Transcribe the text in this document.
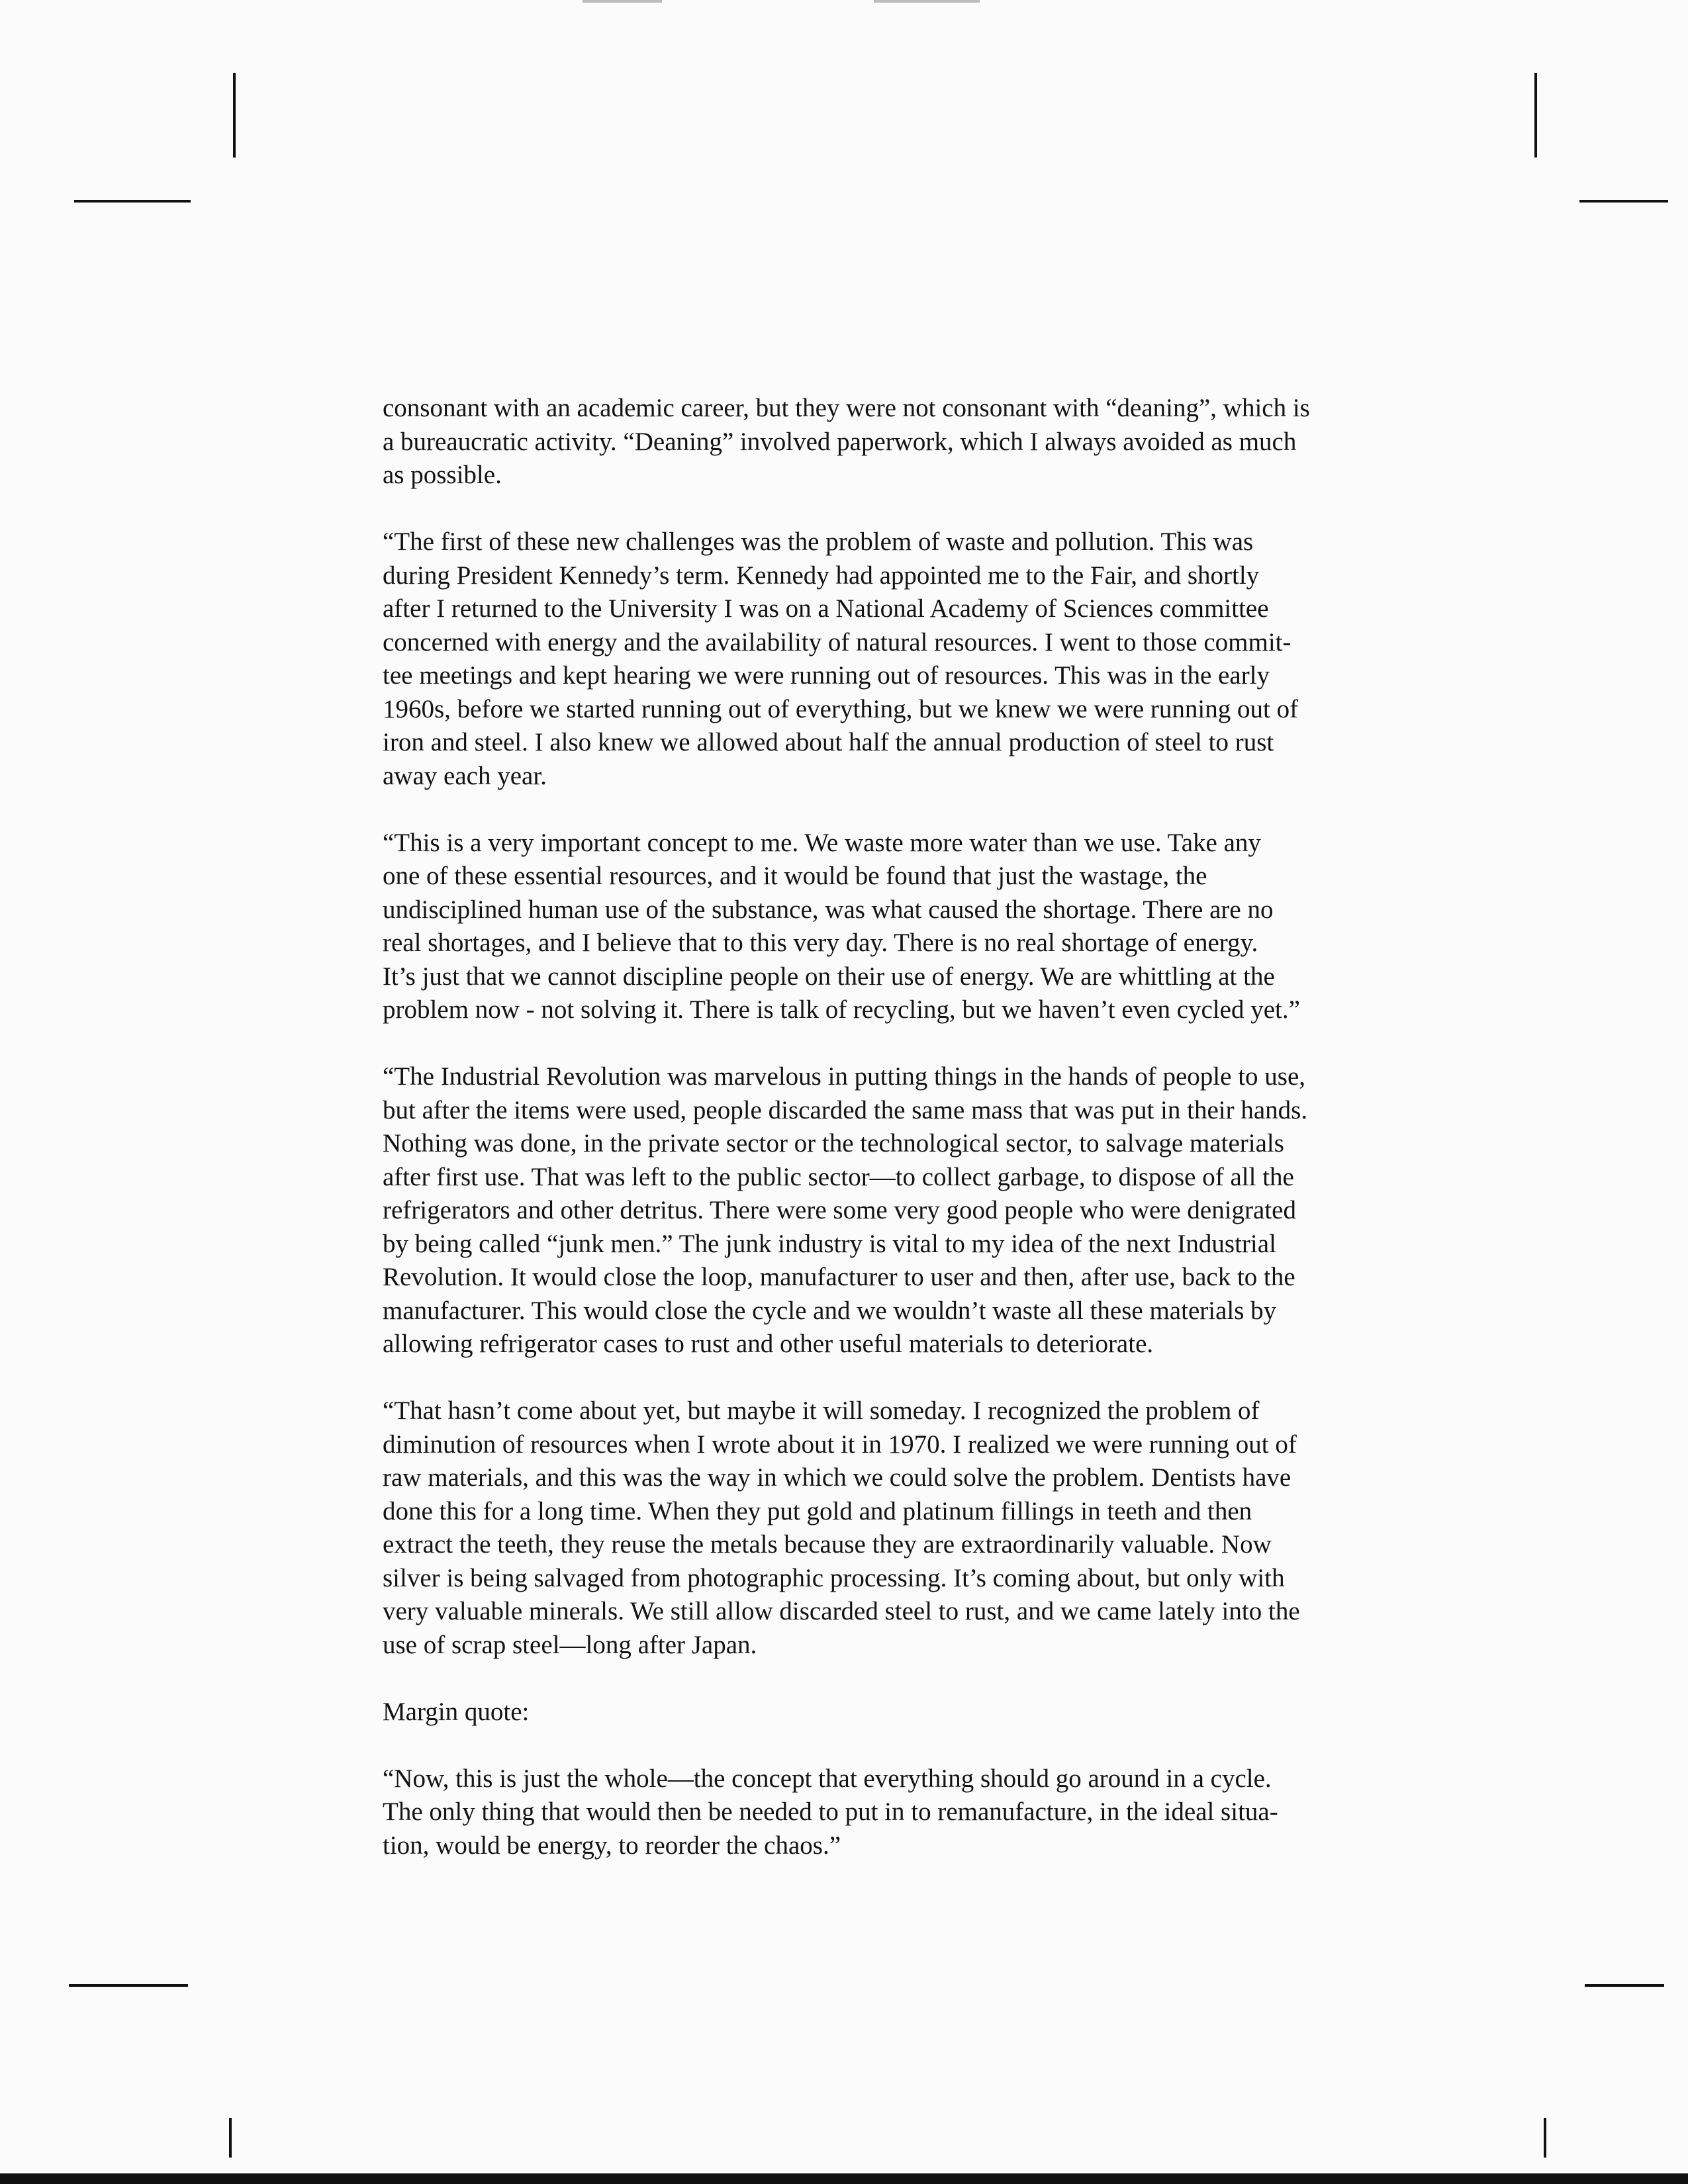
consonant with an academic career, but they were not consonant with “deaning”, which is
a bureaucratic activity. “Deaning” involved paperwork, which I always avoided as much
as possible.

“The first of these new challenges was the problem of waste and pollution. This was
during President Kennedy’s term. Kennedy had appointed me to the Fair, and shortly
after I returned to the University I was on a National Academy of Sciences committee
concerned with energy and the availability of natural resources. I went to those commit-
tee meetings and kept hearing we were running out of resources. This was in the early
1960s, before we started running out of everything, but we knew we were running out of
iron and steel. I also knew we allowed about half the annual production of steel to rust
away each year.

“This is a very important concept to me. We waste more water than we use. Take any
one of these essential resources, and it would be found that just the wastage, the
undisciplined human use of the substance, was what caused the shortage. There are no
real shortages, and I believe that to this very day. There is no real shortage of energy.
It’s just that we cannot discipline people on their use of energy. We are whittling at the
problem now - not solving it. There is talk of recycling, but we haven’t even cycled yet.”

“The Industrial Revolution was marvelous in putting things in the hands of people to use,
but after the items were used, people discarded the same mass that was put in their hands.
Nothing was done, in the private sector or the technological sector, to salvage materials
after first use. That was left to the public sector—to collect garbage, to dispose of all the
refrigerators and other detritus. There were some very good people who were denigrated
by being called “junk men.” The junk industry is vital to my idea of the next Industrial
Revolution. It would close the loop, manufacturer to user and then, after use, back to the
manufacturer. This would close the cycle and we wouldn’t waste all these materials by
allowing refrigerator cases to rust and other useful materials to deteriorate.

“That hasn’t come about yet, but maybe it will someday. I recognized the problem of
diminution of resources when I wrote about it in 1970. I realized we were running out of
raw materials, and this was the way in which we could solve the problem. Dentists have
done this for a long time. When they put gold and platinum fillings in teeth and then
extract the teeth, they reuse the metals because they are extraordinarily valuable. Now
silver is being salvaged from photographic processing. It’s coming about, but only with
very valuable minerals. We still allow discarded steel to rust, and we came lately into the
use of scrap steel—long after Japan.

Margin quote:

“Now, this is just the whole—the concept that everything should go around in a cycle.
The only thing that would then be needed to put in to remanufacture, in the ideal situa-
tion, would be energy, to reorder the chaos.”
